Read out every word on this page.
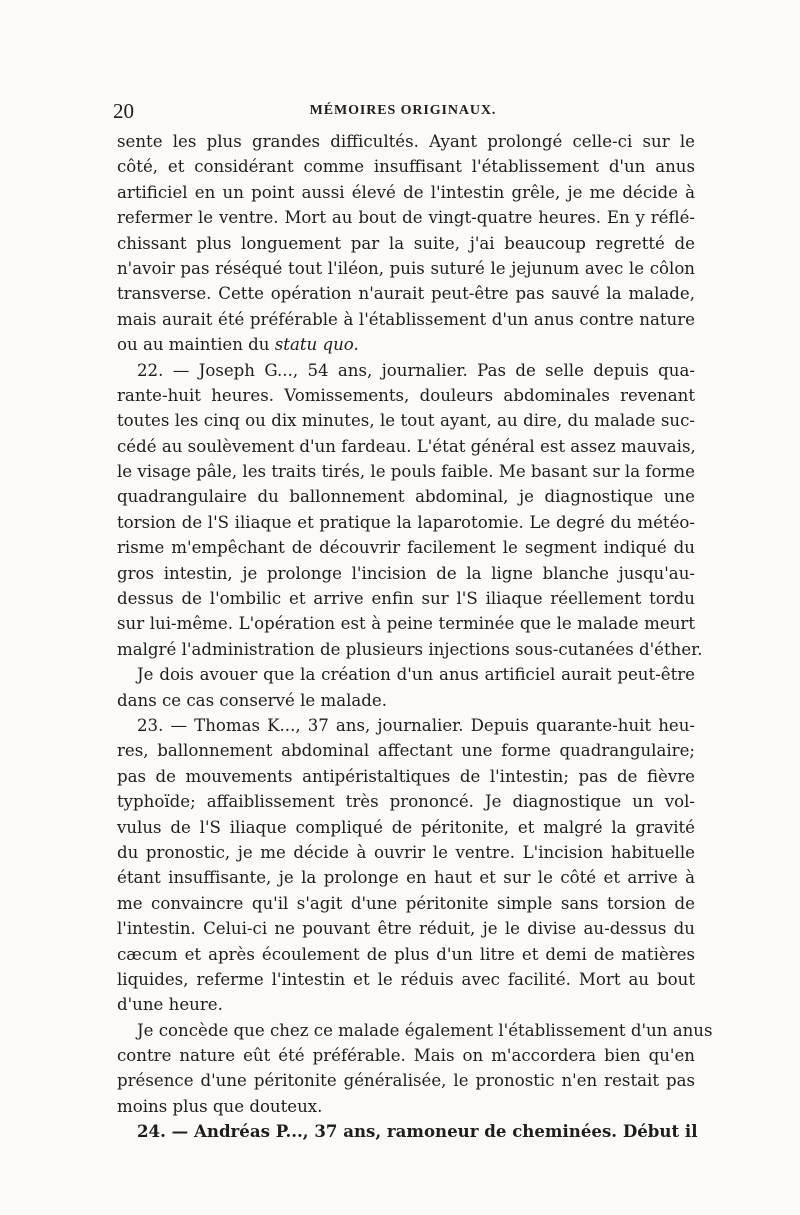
20	MÉMOIRES ORIGINAUX.
sente les plus grandes difficultés. Ayant prolongé celle-ci sur le
côté, et considérant comme insuffisant l'établissement d'un anus
artificiel en un point aussi élevé de l'intestin grêle, je me décide à
refermer le ventre. Mort au bout de vingt-quatre heures. En y réflé-
chissant plus longuement par la suite, j'ai beaucoup regretté de
n'avoir pas réséqué tout l'iléon, puis suturé le jejunum avec le côlon
transverse. Cette opération n'aurait peut-être pas sauvé la malade,
mais aurait été préférable à l'établissement d'un anus contre nature
ou au maintien du statu quo.
22. — Joseph G..., 54 ans, journalier. Pas de selle depuis qua-
rante-huit heures. Vomissements, douleurs abdominales revenant
toutes les cinq ou dix minutes, le tout ayant, au dire, du malade suc-
cédé au soulèvement d'un fardeau. L'état général est assez mauvais,
le visage pâle, les traits tirés, le pouls faible. Me basant sur la forme
quadrangulaire du ballonnement abdominal, je diagnostique une
torsion de l'S iliaque et pratique la laparotomie. Le degré du météo-
risme m'empêchant de découvrir facilement le segment indiqué du
gros intestin, je prolonge l'incision de la ligne blanche jusqu'au-
dessus de l'ombilic et arrive enfin sur l'S iliaque réellement tordu
sur lui-même. L'opération est à peine terminée que le malade meurt
malgré l'administration de plusieurs injections sous-cutanées d'éther.
Je dois avouer que la création d'un anus artificiel aurait peut-être
dans ce cas conservé le malade.
23. — Thomas K..., 37 ans, journalier. Depuis quarante-huit heu-
res, ballonnement abdominal affectant une forme quadrangulaire;
pas de mouvements antipéristaltiques de l'intestin; pas de fièvre
typhoïde; affaiblissement très prononcé. Je diagnostique un vol-
vulus de l'S iliaque compliqué de péritonite, et malgré la gravité
du pronostic, je me décide à ouvrir le ventre. L'incision habituelle
étant insuffisante, je la prolonge en haut et sur le côté et arrive à
me convaincre qu'il s'agit d'une péritonite simple sans torsion de
l'intestin. Celui-ci ne pouvant être réduit, je le divise au-dessus du
cæcum et après écoulement de plus d'un litre et demi de matières
liquides, referme l'intestin et le réduis avec facilité. Mort au bout
d'une heure.
Je concède que chez ce malade également l'établissement d'un anus
contre nature eût été préférable. Mais on m'accordera bien qu'en
présence d'une péritonite généralisée, le pronostic n'en restait pas
moins plus que douteux.
24. — Andréas P..., 37 ans, ramoneur de cheminées. Début il
